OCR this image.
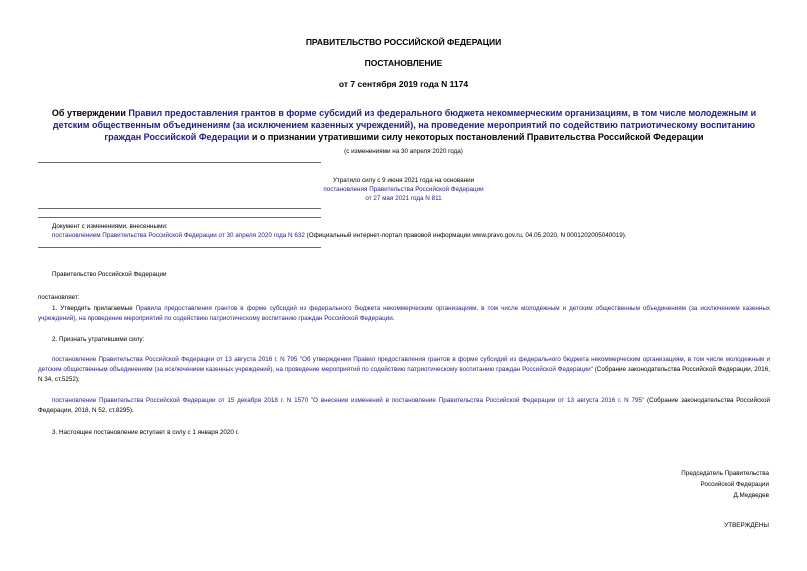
ПРАВИТЕЛЬСТВО РОССИЙСКОЙ ФЕДЕРАЦИИ
ПОСТАНОВЛЕНИЕ
от 7 сентября 2019 года N 1174
Об утверждении Правил предоставления грантов в форме субсидий из федерального бюджета некоммерческим организациям, в том числе молодежным и детским общественным объединениям (за исключением казенных учреждений), на проведение мероприятий по содействию патриотическому воспитанию граждан Российской Федерации и о признании утратившими силу некоторых постановлений Правительства Российской Федерации
(с изменениями на 30 апреля 2020 года)
Утратило силу с 9 июня 2021 года на основании
постановления Правительства Российской Федерации
от 27 мая 2021 года N 811
Документ с изменениями, внесенными:
постановлением Правительства Российской Федерации от 30 апреля 2020 года N 632 (Официальный интернет-портал правовой информации www.pravo.gov.ru, 04.05.2020, N 0001202005040019).
Правительство Российской Федерации
постановляет:
1. Утвердить прилагаемые Правила предоставления грантов в форме субсидий из федерального бюджета некоммерческим организациям, в том числе молодежным и детским общественным объединениям (за исключением казенных учреждений), на проведение мероприятий по содействию патриотическому воспитанию граждан Российской Федерации.
2. Признать утратившими силу:
постановление Правительства Российской Федерации от 13 августа 2016 г. N 795 "Об утверждении Правил предоставления грантов в форме субсидий из федерального бюджета некоммерческим организациям, в том числе молодежным и детским общественным объединениям (за исключением казенных учреждений), на проведение мероприятий по содействию патриотическому воспитанию граждан Российской Федерации" (Собрание законодательства Российской Федерации, 2016, N 34, ст.5252);
постановление Правительства Российской Федерации от 15 декабря 2018 г. N 1570 "О внесении изменений в постановление Правительства Российской Федерации от 13 августа 2016 г. N 795" (Собрание законодательства Российской Федерации, 2018, N 52, ст.8295).
3. Настоящее постановление вступает в силу с 1 января 2020 г.
Председатель Правительства
Российской Федерации
Д.Медведев
УТВЕРЖДЕНЫ
